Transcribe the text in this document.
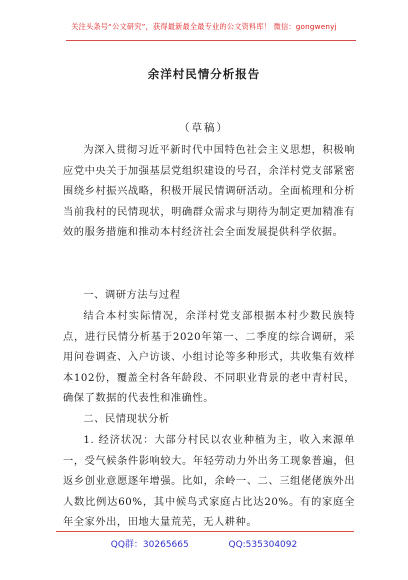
关注头条号“公文研究”，获得最新最全最专业的公文资料库！ 微信：gongwenyj
余洋村民情分析报告
（草稿）

为深入贯彻习近平新时代中国特色社会主义思想，积极响应党中央关于加强基层党组织建设的号召，余洋村党支部紧密围绕乡村振兴战略，积极开展民情调研活动。全面梳理和分析当前我村的民情现状，明确群众需求与期待为制定更加精准有效的服务措施和推动本村经济社会全面发展提供科学依据。

一、调研方法与过程

结合本村实际情况，余洋村党支部根据本村少数民族特点，进行民情分析基于2020年第一、二季度的综合调研，采用问卷调查、入户访谈、小组讨论等多种形式，共收集有效样本102份，覆盖全村各年龄段、不同职业背景的老中青村民，确保了数据的代表性和准确性。

二、民情现状分析

1. 经济状况：大部分村民以农业种植为主，收入来源单一，受气候条件影响较大。年轻劳动力外出务工现象普遍，但返乡创业意愿逐年增强。比如，余岭一、二、三组佬佬族外出人数比例达60%，其中候鸟式家庭占比达20%。有的家庭全年全家外出，田地大量荒芜，无人耕种。

QQ群：30265665	QQ:535304092
